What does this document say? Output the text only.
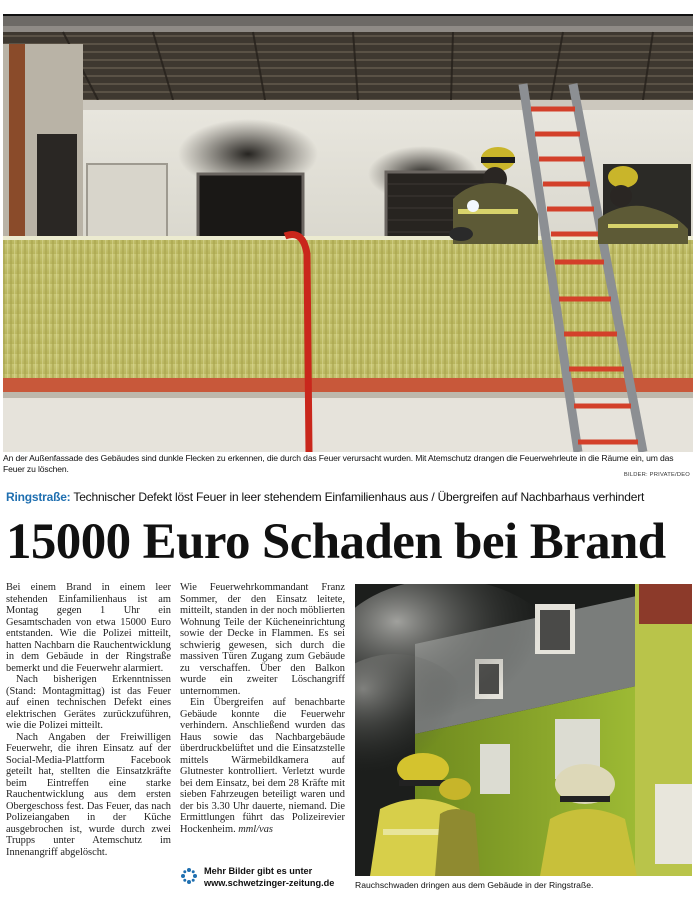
An der Außenfassade des Gebäudes sind dunkle Flecken zu erkennen, die durch das Feuer verursacht wurden. Mit Atemschutz drangen die Feuerwehrleute in die Räume ein, um das Feuer zu löschen.
BILDER: PRIVATE/DEO
Ringstraße: Technischer Defekt löst Feuer in leer stehendem Einfamilienhaus aus / Übergreifen auf Nachbarhaus verhindert
15000 Euro Schaden bei Brand

Bei einem Brand in einem leer stehenden Einfamilienhaus ist am Montag gegen 1 Uhr ein Gesamtschaden von etwa 15000 Euro entstanden. Wie die Polizei mitteilt, hatten Nachbarn die Rauchentwicklung in dem Gebäude in der Ringstraße bemerkt und die Feuerwehr alarmiert.

Nach bisherigen Erkenntnissen (Stand: Montagmittag) ist das Feuer auf einen technischen Defekt eines elektrischen Gerätes zurückzuführen, wie die Polizei mitteilt.

Nach Angaben der Freiwilligen Feuerwehr, die ihren Einsatz auf der Social-Media-Plattform Facebook geteilt hat, stellten die Einsatzkräfte beim Eintreffen eine starke Rauchentwicklung aus dem ersten Obergeschoss fest. Das Feuer, das nach Polizeiangaben in der Küche ausgebrochen ist, wurde durch zwei Trupps unter Atemschutz im Innenangriff abgelöscht.

Wie Feuerwehrkommandant Franz Sommer, der den Einsatz leitete, mitteilt, standen in der noch möblierten Wohnung Teile der Kücheneinrichtung sowie der Decke in Flammen. Es sei schwierig gewesen, sich durch die massiven Türen Zugang zum Gebäude zu verschaffen. Über den Balkon wurde ein zweiter Löschangriff unternommen.

Ein Übergreifen auf benachbarte Gebäude konnte die Feuerwehr verhindern. Anschließend wurden das Haus sowie das Nachbargebäude überdruckbelüftet und die Einsatzstelle mittels Wärmebildkamera auf Glutnester kontrolliert. Verletzt wurde bei dem Einsatz, bei dem 28 Kräfte mit sieben Fahrzeugen beteiligt waren und der bis 3.30 Uhr dauerte, niemand. Die Ermittlungen führt das Polizeirevier Hockenheim. mml/vas

Mehr Bilder gibt es unter
www.schwetzinger-zeitung.de	Rauchschwaden dringen aus dem Gebäude in der Ringstraße.
